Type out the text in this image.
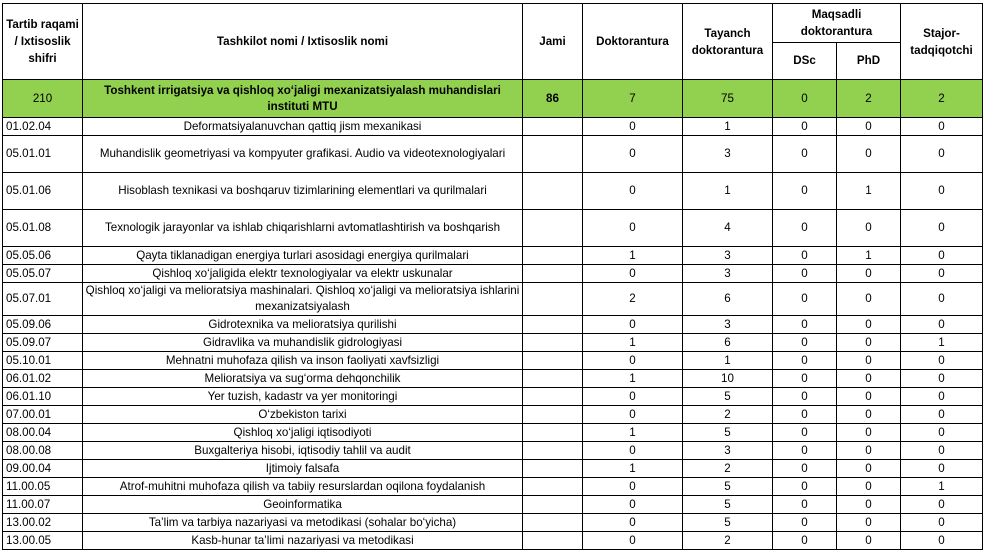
Tartib raqami / Ixtisoslik shifri	Tashkilot nomi / Ixtisoslik nomi	Jami	Doktorantura	Tayanch doktorantura	Maqsadli doktorantura		Stajor-tadqiqotchi
					DSc	PhD	
210	Toshkent irrigatsiya va qishloq xo‘jaligi mexanizatsiyalash muhandislari instituti MTU	86	7	75	0	2	2
01.02.04	Deformatsiyalanuvchan qattiq jism mexanikasi		0	1	0	0	0
05.01.01	Muhandislik geometriyasi va kompyuter grafikasi. Audio va videotexnologiyalari		0	3	0	0	0
05.01.06	Hisoblash texnikasi va boshqaruv tizimlarining elementlari va qurilmalari		0	1	0	1	0
05.01.08	Texnologik jarayonlar va ishlab chiqarishlarni avtomatlashtirish va boshqarish		0	4	0	0	0
05.05.06	Qayta tiklanadigan energiya turlari asosidagi energiya qurilmalari		1	3	0	1	0
05.05.07	Qishloq xo‘jaligida elektr texnologiyalar va elektr uskunalar		0	3	0	0	0
05.07.01	Qishloq xo‘jaligi va melioratsiya mashinalari. Qishloq xo‘jaligi va melioratsiya ishlarini mexanizatsiyalash		2	6	0	0	0
05.09.06	Gidrotexnika va melioratsiya qurilishi		0	3	0	0	0
05.09.07	Gidravlika va muhandislik gidrologiyasi		1	6	0	0	1
05.10.01	Mehnatni muhofaza qilish va inson faoliyati xavfsizligi		0	1	0	0	0
06.01.02	Melioratsiya va sug‘orma dehqonchilik		1	10	0	0	0
06.01.10	Yer tuzish, kadastr va yer monitoringi		0	5	0	0	0
07.00.01	O‘zbekiston tarixi		0	2	0	0	0
08.00.04	Qishloq xo‘jaligi iqtisodiyoti		1	5	0	0	0
08.00.08	Buxgalteriya hisobi, iqtisodiy tahlil va audit		0	3	0	0	0
09.00.04	Ijtimoiy falsafa		1	2	0	0	0
11.00.05	Atrof-muhitni muhofaza qilish va tabiiy resurslardan oqilona foydalanish		0	5	0	0	1
11.00.07	Geoinformatika		0	5	0	0	0
13.00.02	Ta’lim va tarbiya nazariyasi va metodikasi (sohalar bo‘yicha)		0	5	0	0	0
13.00.05	Kasb-hunar ta’limi nazariyasi va metodikasi		0	2	0	0	0
